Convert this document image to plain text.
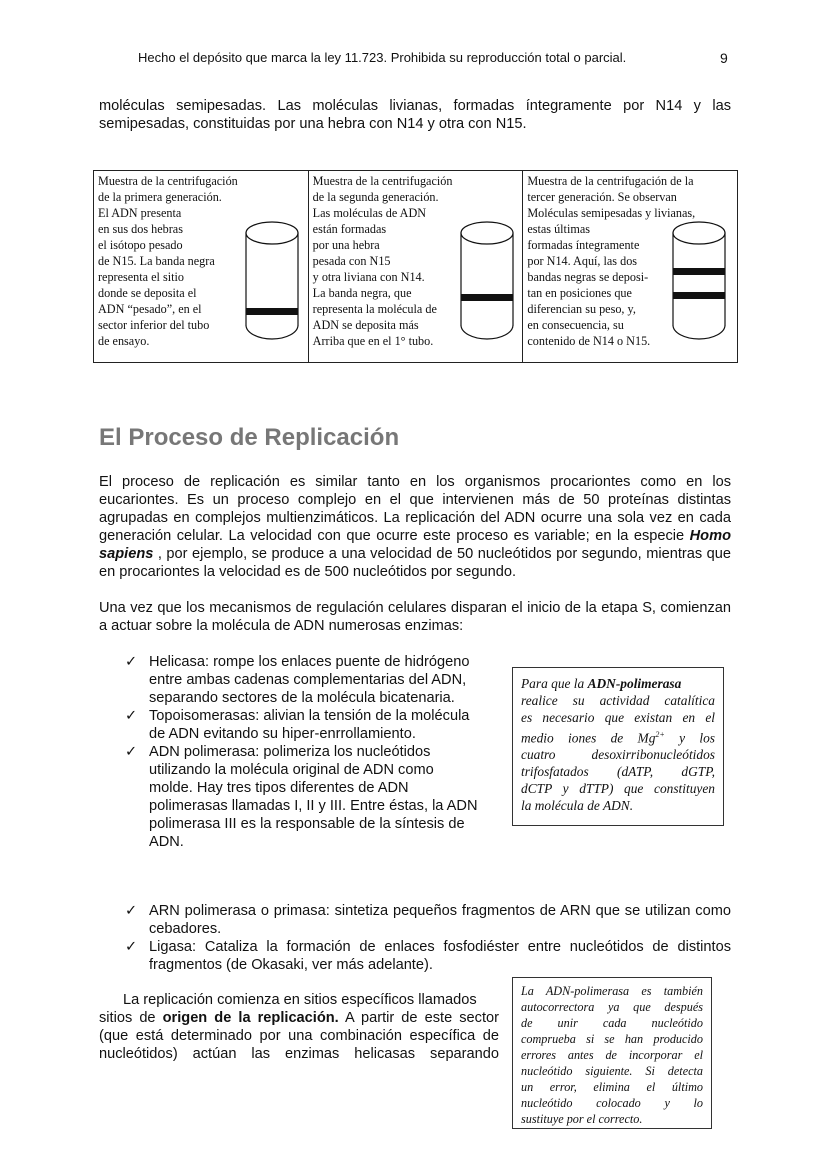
Hecho el depósito que marca la ley 11.723. Prohibida su reproducción total o parcial.	9
moléculas semipesadas. Las moléculas livianas, formadas íntegramente por N14 y las semipesadas, constituidas por una hebra con N14 y otra con N15.
Muestra de la centrifugación
de la primera generación.
El ADN presenta
en sus dos hebras
el isótopo pesado
de N15. La banda negra
representa el sitio
donde se deposita el
ADN “pesado”, en el
sector inferior del tubo
de ensayo.
Muestra de la centrifugación
de la segunda generación.
Las moléculas de ADN
están formadas
por una hebra
pesada con N15
y otra liviana con N14.
La banda negra, que
representa la molécula de
ADN se deposita más
Arriba que en el 1° tubo.
Muestra de la centrifugación de la
tercer generación. Se observan
Moléculas semipesadas y livianas,
estas últimas
formadas íntegramente
por N14. Aquí, las dos
bandas negras se deposi-
tan en posiciones que
diferencian su peso, y,
en consecuencia, su
contenido de N14 o N15.
El Proceso de Replicación
El proceso de replicación es similar tanto en los organismos procariontes como en los eucariontes. Es un proceso complejo en el que intervienen más de 50 proteínas distintas agrupadas en complejos multienzimáticos. La replicación del ADN ocurre una sola vez en cada generación celular. La velocidad con que ocurre este proceso es variable; en la especie Homo sapiens , por ejemplo, se produce a una velocidad de 50 nucleótidos por segundo, mientras que en procariontes la velocidad es de 500 nucleótidos por segundo.
Una vez que los mecanismos de regulación celulares disparan el inicio de la etapa S, comienzan a actuar sobre la molécula de ADN numerosas enzimas:
✓ Helicasa: rompe los enlaces puente de hidrógeno
entre ambas cadenas complementarias del ADN,
separando sectores de la molécula bicatenaria.
✓ Topoisomerasas: alivian la tensión de la molécula
de ADN evitando su hiper-enrrollamiento.
✓ ADN polimerasa: polimeriza los nucleótidos
utilizando la molécula original de ADN como
molde. Hay tres tipos diferentes de ADN
polimerasas llamadas I, II y III. Entre éstas, la ADN
polimerasa III es la responsable de la síntesis de
ADN.
Para que la ADN-polimerasa
realice su actividad catalítica
es necesario que existan en el
medio iones de $Mg^{2+}$ y los
cuatro desoxirribonucleótidos
trifosfatados (dATP, dGTP,
dCTP y dTTP) que constituyen
la molécula de ADN.
✓ ARN polimerasa o primasa: sintetiza pequeños fragmentos de ARN que se utilizan como cebadores.
✓ Ligasa: Cataliza la formación de enlaces fosfodiéster entre nucleótidos de distintos fragmentos (de Okasaki, ver más adelante).
La replicación comienza en sitios específicos llamados
sitios de origen de la replicación. A partir de este sector
(que está determinado por una combinación específica de
nucleótidos) actúan las enzimas helicasas separando
La ADN-polimerasa es también
autocorrectora ya que después
de unir cada nucleótido
comprueba si se han producido
errores antes de incorporar el
nucleótido siguiente. Si detecta
un error, elimina el último
nucleótido colocado y lo
sustituye por el correcto.
